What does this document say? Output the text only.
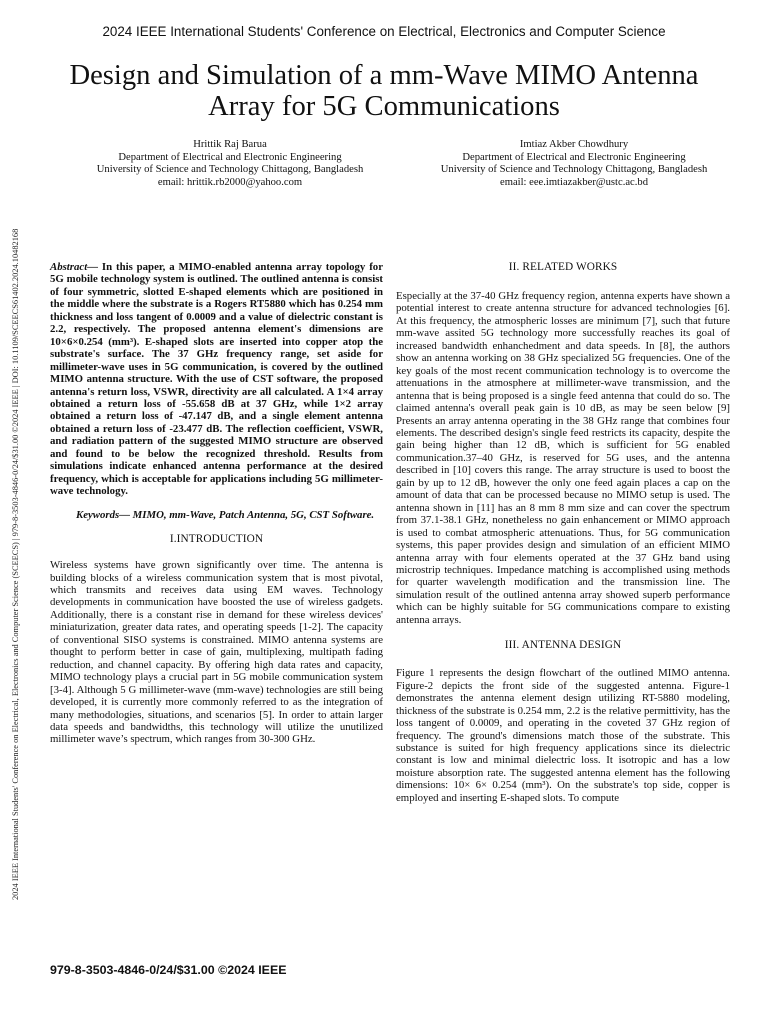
2024 IEEE International Students' Conference on Electrical, Electronics and Computer Science
Design and Simulation of a mm-Wave MIMO Antenna Array for 5G Communications
Hrittik Raj Barua
Department of Electrical and Electronic Engineering
University of Science and Technology Chittagong, Bangladesh
email: hrittik.rb2000@yahoo.com
Imtiaz Akber Chowdhury
Department of Electrical and Electronic Engineering
University of Science and Technology Chittagong, Bangladesh
email: eee.imtiazakber@ustc.ac.bd
2024 IEEE International Students' Conference on Electrical, Electronics and Computer Science (SCEECS) | 979-8-3503-4846-0/24/$31.00 ©2024 IEEE | DOI: 10.1109/SCEECS61402.2024.10482168	Abstract— In this paper, a MIMO-enabled antenna array topology for 5G mobile technology system is outlined. The outlined antenna is consist of four symmetric, slotted E-shaped elements which are positioned in the middle where the substrate is a Rogers RT5880 which has 0.254 mm thickness and loss tangent of 0.0009 and a value of dielectric constant is 2.2, respectively. The proposed antenna element's dimensions are 10×6×0.254 (mm³). E-shaped slots are inserted into copper atop the substrate's surface. The 37 GHz frequency range, set aside for millimeter-wave uses in 5G communication, is covered by the outlined MIMO antenna structure. With the use of CST software, the proposed antenna's return loss, VSWR, directivity are all calculated. A 1×4 array obtained a return loss of -55.658 dB at 37 GHz, while 1×2 array obtained a return loss of -47.147 dB, and a single element antenna obtained a return loss of -23.477 dB. The reflection coefficient, VSWR, and radiation pattern of the suggested MIMO structure are observed and found to be below the recognized threshold. Results from simulations indicate enhanced antenna performance at the desired frequency, which is acceptable for applications including 5G millimeter-wave technology.

Keywords— MIMO, mm-Wave, Patch Antenna, 5G, CST Software.

I.INTRODUCTION

Wireless systems have grown significantly over time. The antenna is building blocks of a wireless communication system that is most pivotal, which transmits and receives data using EM waves. Technology developments in communication have boosted the use of wireless gadgets. Additionally, there is a constant rise in demand for these wireless devices' miniaturization, greater data rates, and operating speeds [1-2]. The capacity of conventional SISO systems is constrained. MIMO antenna systems are thought to perform better in case of gain, multiplexing, multipath fading reduction, and channel capacity. By offering high data rates and capacity, MIMO technology plays a crucial part in 5G mobile communication system [3-4]. Although 5 G millimeter-wave (mm-wave) technologies are still being developed, it is currently more commonly referred to as the integration of many methodologies, situations, and scenarios [5]. In order to attain larger data speeds and bandwidths, this technology will utilize the unutilized millimeter wave’s spectrum, which ranges from 30-300 GHz.

II. RELATED WORKS

Especially at the 37-40 GHz frequency region, antenna experts have shown a potential interest to create antenna structure for advanced technologies [6]. At this frequency, the atmospheric losses are minimum [7], such that future mm-wave assited 5G technology more successfully reaches its goal of increased bandwidth enhanchedment and data speeds. In [8], the authors show an antenna working on 38 GHz specialized 5G frequencies. One of the key goals of the most recent communication technology is to overcome the attenuations in the atmosphere at millimeter-wave transmission, and the antenna that is being proposed is a single feed antenna that could do so. The claimed antenna's overall peak gain is 10 dB, as may be seen below [9] Presents an array antenna operating in the 38 GHz range that combines four elements. The described design's single feed restricts its capacity, despite the gain being higher than 12 dB, which is sufficient for 5G enabled communication.37–40 GHz, is reserved for 5G uses, and the antenna described in [10] covers this range. The array structure is used to boost the gain by up to 12 dB, however the only one feed again places a cap on the amount of data that can be processed because no MIMO setup is used. The antenna shown in [11] has an 8 mm 8 mm size and can cover the spectrum from 37.1-38.1 GHz, nonetheless no gain enhancement or MIMO approach is used to combat atmospheric attenuations. Thus, for 5G communication systems, this paper provides design and simulation of an efficient MIMO antenna array with four elements operated at the 37 GHz band using microstrip techniques. Impedance matching is accomplished using methods for quarter wavelength modification and the transmission line. The simulation result of the outlined antenna array showed superb performance which can be highly suitable for 5G communications compare to existing antenna arrays.

III. ANTENNA DESIGN

Figure 1 represents the design flowchart of the outlined MIMO antenna. Figure-2 depicts the front side of the suggested antenna. Figure-1 demonstrates the antenna element design utilizing RT-5880 modeling, thickness of the substrate is 0.254 mm, 2.2 is the relative permittivity, has the loss tangent of 0.0009, and operating in the coveted 37 GHz region of frequency. The ground's dimensions match those of the substrate. This substance is suited for high frequency applications since its dielectric constant is low and minimal dielectric loss. It isotropic and has a low moisture absorption rate. The suggested antenna element has the following dimensions: 10× 6× 0.254 (mm³). On the substrate's top side, copper is employed and inserting E-shaped slots. To compute

979-8-3503-4846-0/24/$31.00 ©2024 IEEE
